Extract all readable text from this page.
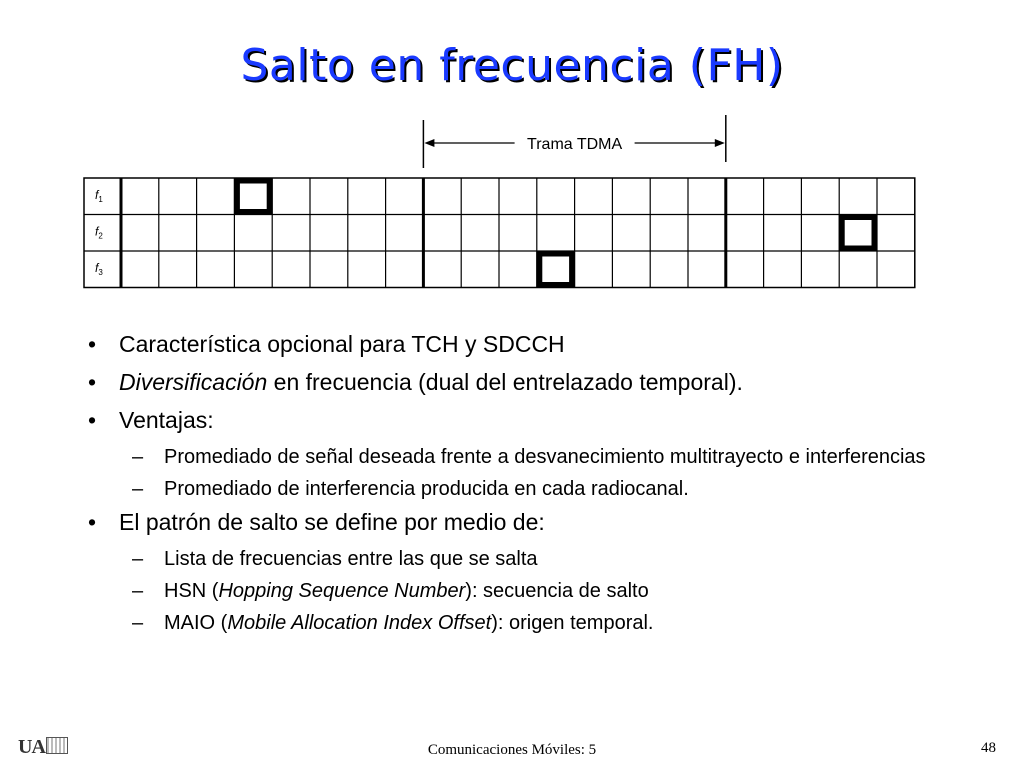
Salto en frecuencia (FH)
Trama TDMA
$f_1$
$f_2$
$f_3$
• Característica opcional para TCH y SDCCH
• Diversificación en frecuencia (dual del entrelazado temporal).
• Ventajas:
– Promediado de señal deseada frente a desvanecimiento multitrayecto e interferencias
– Promediado de interferencia producida en cada radiocanal.
• El patrón de salto se define por medio de:
– Lista de frecuencias entre las que se salta
– HSN (Hopping Sequence Number): secuencia de salto
– MAIO (Mobile Allocation Index Offset): origen temporal.
UA	Comunicaciones Móviles: 5	48
